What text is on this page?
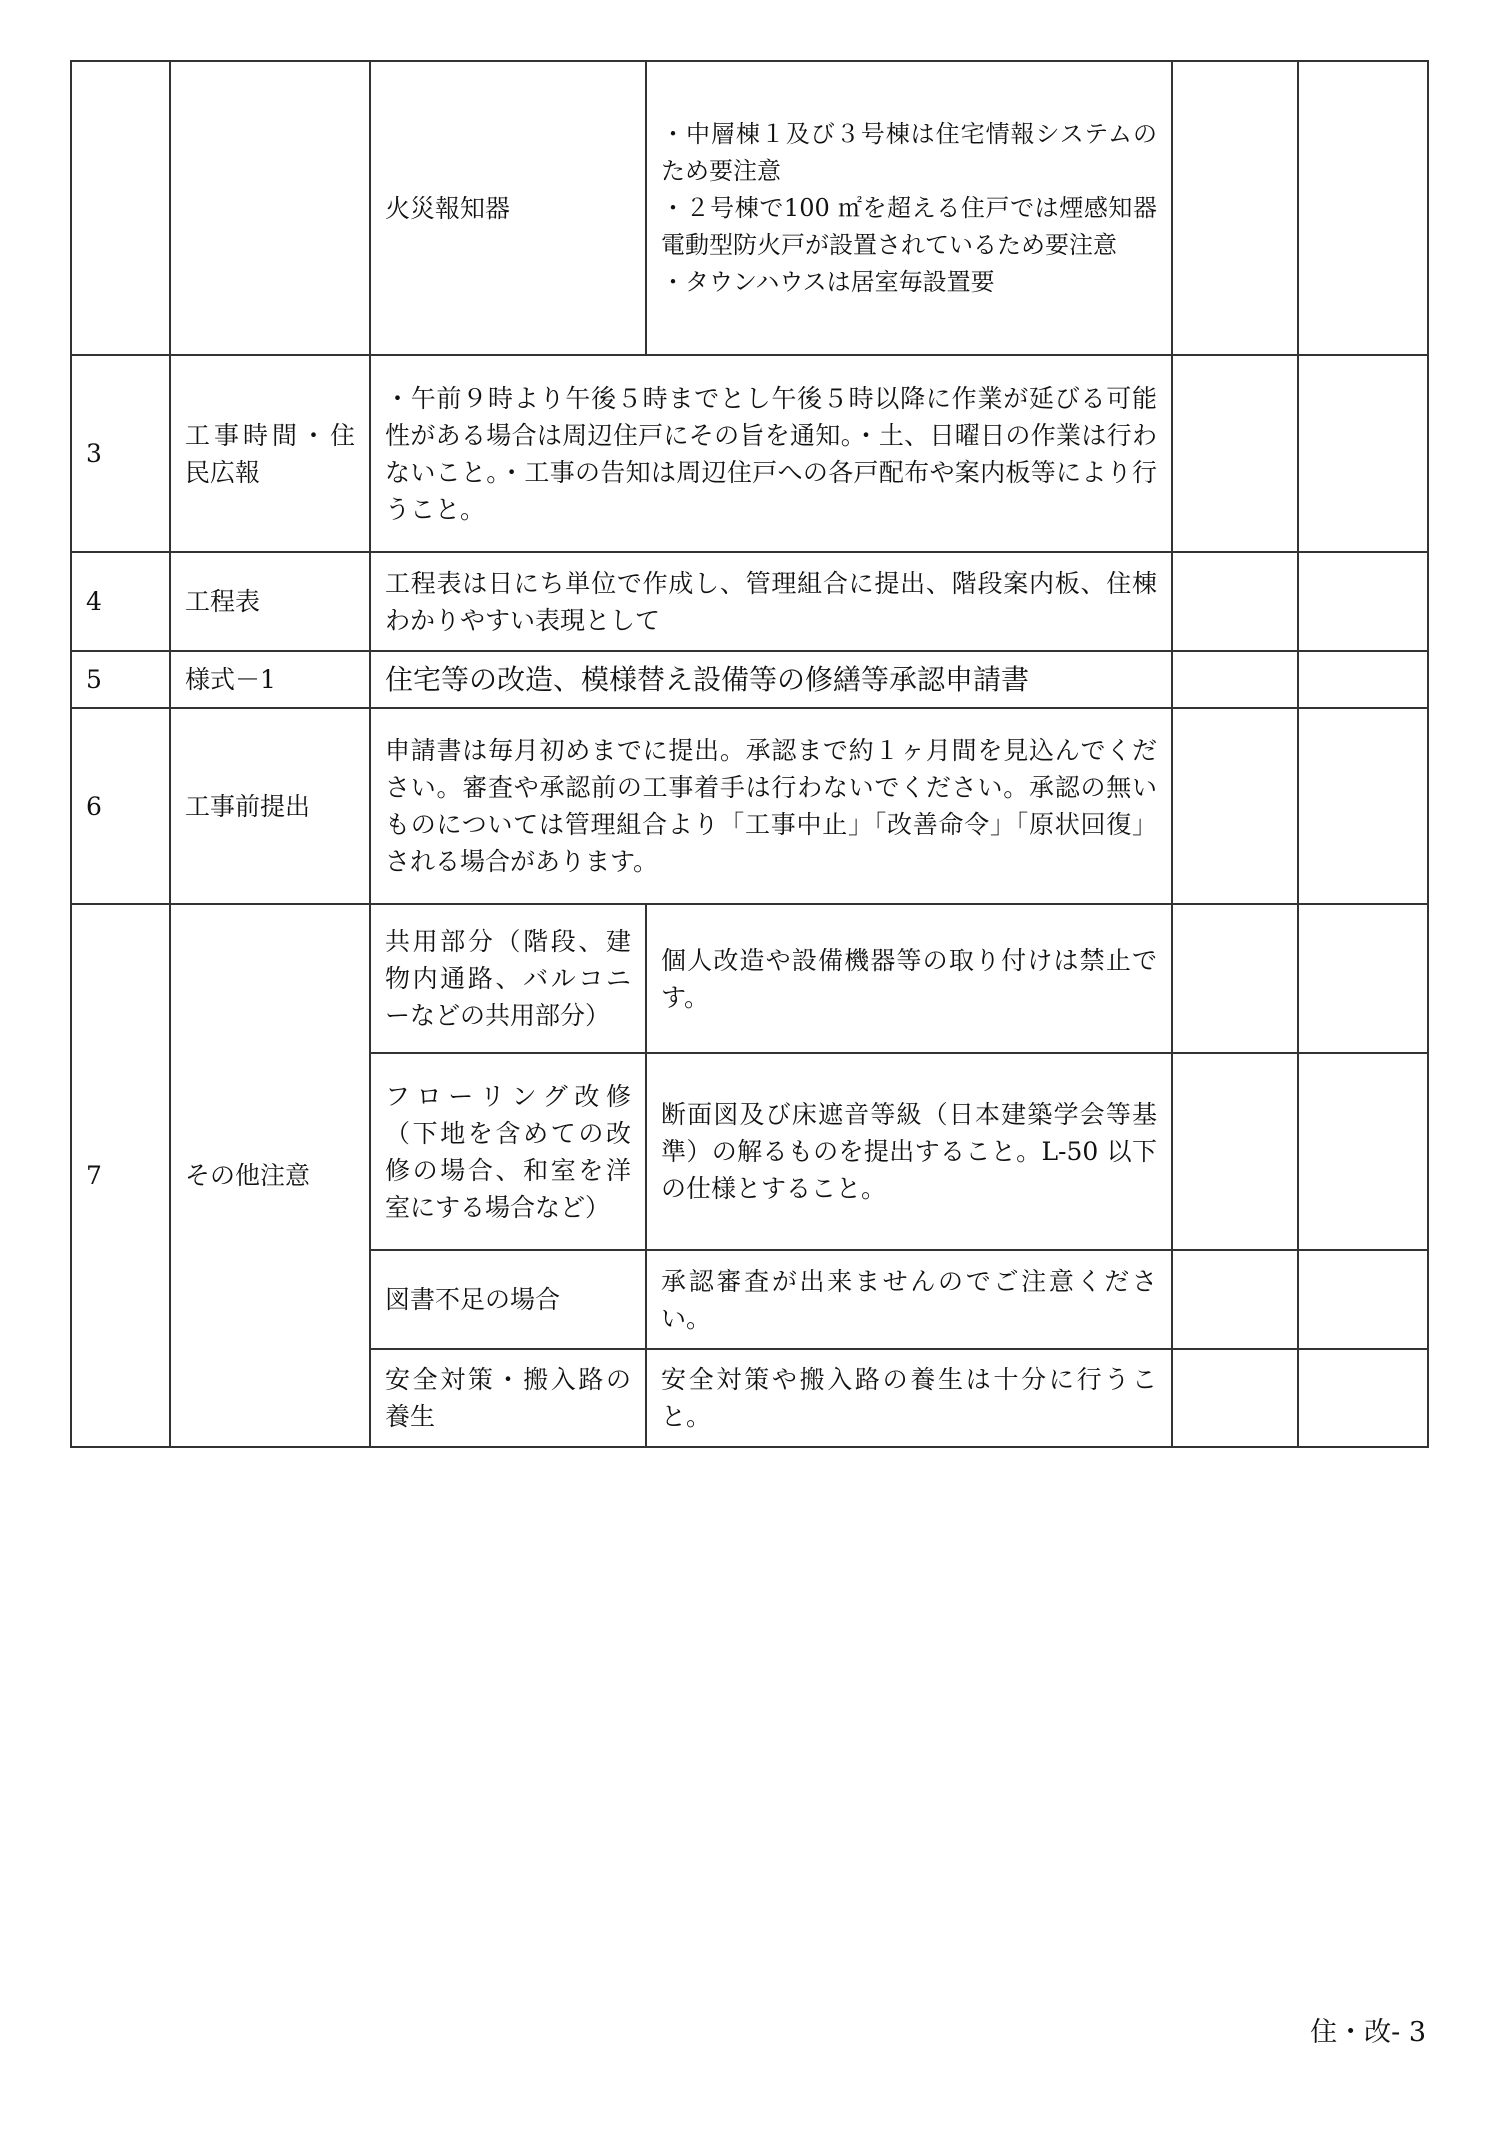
		火災報知器	・中層棟１及び３号棟は住宅情報システムのため要注意
・２号棟で100 ㎡を超える住戸では煙感知器電動型防火戸が設置されているため要注意
・タウンハウスは居室毎設置要		

3	工事時間・住民広報	・午前９時より午後５時までとし午後５時以降に作業が延びる可能性がある場合は周辺住戸にその旨を通知。・土、日曜日の作業は行わないこと。・工事の告知は周辺住戸への各戸配布や案内板等により行うこと。			
4	工程表	工程表は日にち単位で作成し、管理組合に提出、階段案内板、住棟わかりやすい表現として			
5	様式－1	住宅等の改造、模様替え設備等の修繕等承認申請書			
6	工事前提出	申請書は毎月初めまでに提出。承認まで約１ヶ月間を見込んでください。審査や承認前の工事着手は行わないでください。承認の無いものについては管理組合より「工事中止」「改善命令」「原状回復」される場合があります。			
7	その他注意	共用部分（階段、建物内通路、バルコニーなどの共用部分）	個人改造や設備機器等の取り付けは禁止です。		
		フローリング改修（下地を含めての改修の場合、和室を洋室にする場合など）	断面図及び床遮音等級（日本建築学会等基準）の解るものを提出すること。L-50 以下の仕様とすること。		
		図書不足の場合	承認審査が出来ませんのでご注意ください。		
		安全対策・搬入路の養生	安全対策や搬入路の養生は十分に行うこと。		
住・改- 3
